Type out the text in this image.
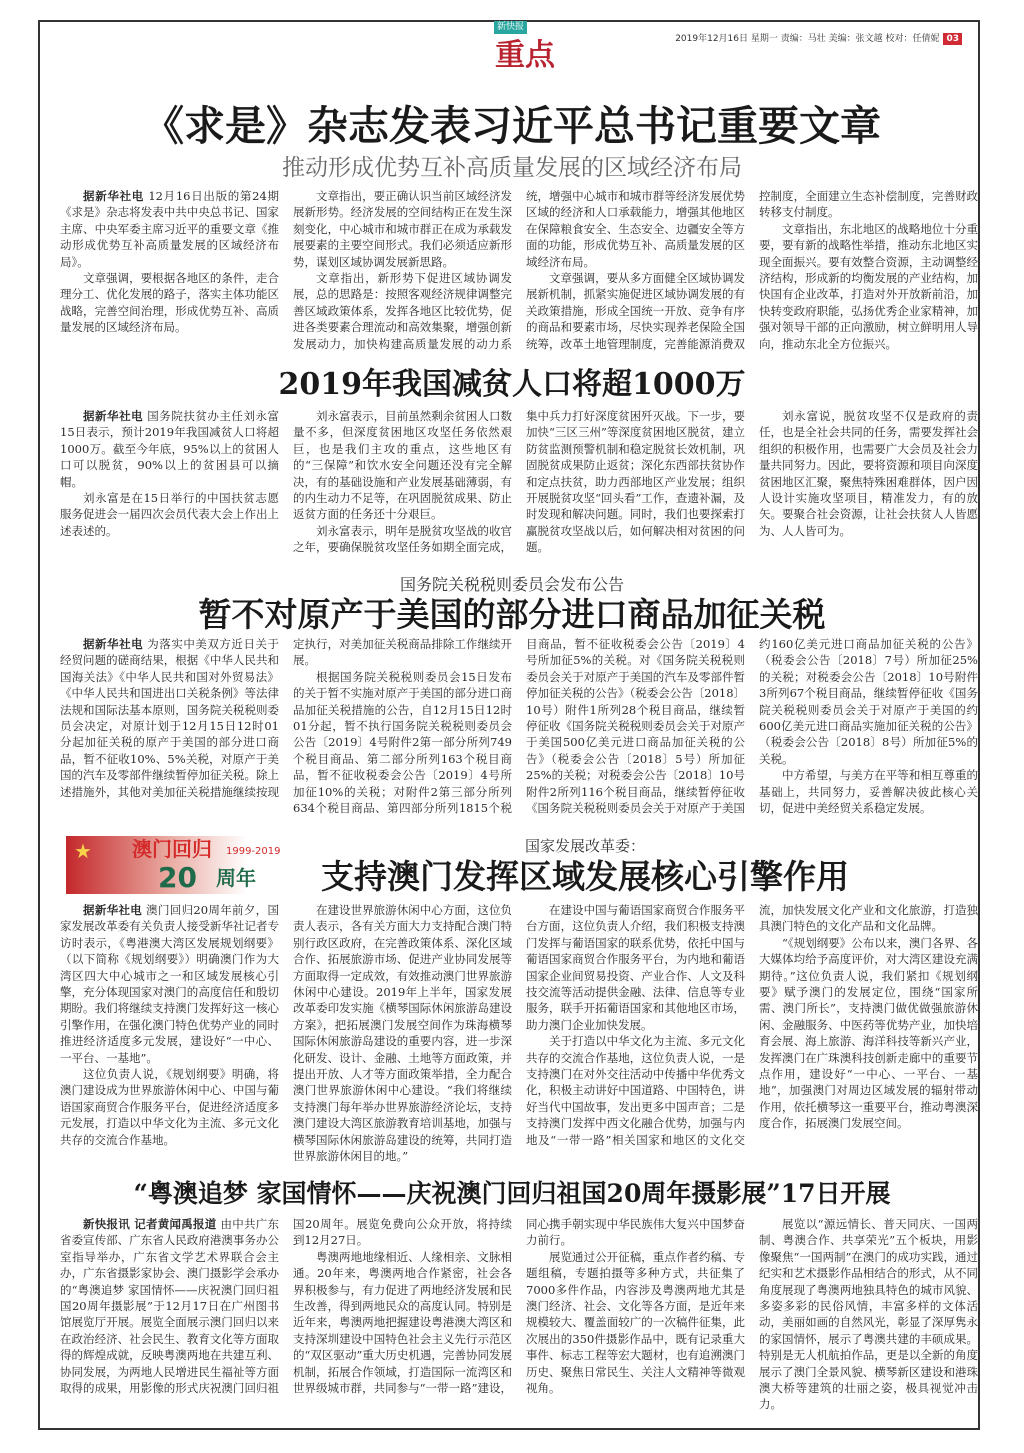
新快报
重点	2019年12月16日 星期一 责编：马壮 美编：张文越 校对：任倩妮 03
《求是》杂志发表习近平总书记重要文章
推动形成优势互补高质量发展的区域经济布局

据新华社电 12月16日出版的第24期《求是》杂志将发表中共中央总书记、国家主席、中央军委主席习近平的重要文章《推动形成优势互补高质量发展的区域经济布局》。

文章强调，要根据各地区的条件，走合理分工、优化发展的路子，落实主体功能区战略，完善空间治理，形成优势互补、高质量发展的区域经济布局。

文章指出，要正确认识当前区域经济发展新形势。经济发展的空间结构正在发生深刻变化，中心城市和城市群正在成为承载发展要素的主要空间形式。我们必须适应新形势，谋划区域协调发展新思路。

文章指出，新形势下促进区域协调发展，总的思路是：按照客观经济规律调整完善区域政策体系，发挥各地区比较优势，促进各类要素合理流动和高效集聚，增强创新发展动力，加快构建高质量发展的动力系统，增强中心城市和城市群等经济发展优势区域的经济和人口承载能力，增强其他地区在保障粮食安全、生态安全、边疆安全等方面的功能，形成优势互补、高质量发展的区域经济布局。

文章强调，要从多方面健全区域协调发展新机制，抓紧实施促进区域协调发展的有关政策措施，形成全国统一开放、竞争有序的商品和要素市场，尽快实现养老保险全国统筹，改革土地管理制度，完善能源消费双控制度，全面建立生态补偿制度，完善财政转移支付制度。

文章指出，东北地区的战略地位十分重要，要有新的战略性举措，推动东北地区实现全面振兴。要有效整合资源，主动调整经济结构，形成新的均衡发展的产业结构，加快国有企业改革，打造对外开放新前沿，加快转变政府职能，弘扬优秀企业家精神，加强对领导干部的正向激励，树立鲜明用人导向，推动东北全方位振兴。

2019年我国减贫人口将超1000万

据新华社电 国务院扶贫办主任刘永富15日表示，预计2019年我国减贫人口将超1000万。截至今年底，95%以上的贫困人口可以脱贫，90%以上的贫困县可以摘帽。

刘永富是在15日举行的中国扶贫志愿服务促进会一届四次会员代表大会上作出上述表述的。

刘永富表示，目前虽然剩余贫困人口数量不多，但深度贫困地区攻坚任务依然艰巨，也是我们主攻的重点，这些地区有的“三保障”和饮水安全问题还没有完全解决，有的基础设施和产业发展基础薄弱，有的内生动力不足等，在巩固脱贫成果、防止返贫方面的任务还十分艰巨。

刘永富表示，明年是脱贫攻坚战的收官之年，要确保脱贫攻坚任务如期全面完成，集中兵力打好深度贫困歼灭战。下一步，要加快“三区三州”等深度贫困地区脱贫，建立防贫监测预警机制和稳定脱贫长效机制，巩固脱贫成果防止返贫；深化东西部扶贫协作和定点扶贫，助力西部地区产业发展；组织开展脱贫攻坚“回头看”工作，查遗补漏，及时发现和解决问题。同时，我们也要探索打赢脱贫攻坚战以后，如何解决相对贫困的问题。

刘永富说，脱贫攻坚不仅是政府的责任，也是全社会共同的任务，需要发挥社会组织的积极作用，也需要广大会员及社会力量共同努力。因此，要将资源和项目向深度贫困地区汇聚，聚焦特殊困难群体，因户因人设计实施攻坚项目，精准发力，有的放矢。要聚合社会资源，让社会扶贫人人皆愿为、人人皆可为。

国务院关税税则委员会发布公告
暂不对原产于美国的部分进口商品加征关税

据新华社电 为落实中美双方近日关于经贸问题的磋商结果，根据《中华人民共和国海关法》《中华人民共和国对外贸易法》《中华人民共和国进出口关税条例》等法律法规和国际法基本原则，国务院关税税则委员会决定，对原计划于12月15日12时01分起加征关税的原产于美国的部分进口商品，暂不征收10%、5%关税，对原产于美国的汽车及零部件继续暂停加征关税。除上述措施外，其他对美加征关税措施继续按现定执行，对美加征关税商品排除工作继续开展。

根据国务院关税税则委员会15日发布的关于暂不实施对原产于美国的部分进口商品加征关税措施的公告，自12月15日12时01分起，暂不执行国务院关税税则委员会公告〔2019〕4号附件2第一部分所列749个税目商品、第二部分所列163个税目商品，暂不征收税委会公告〔2019〕4号所加征10%的关税；对附件2第三部分所列634个税目商品、第四部分所列1815个税目商品，暂不征收税委会公告〔2019〕4号所加征5%的关税。对《国务院关税税则委员会关于对原产于美国的汽车及零部件暂停加征关税的公告》（税委会公告〔2018〕10号）附件1所列28个税目商品，继续暂停征收《国务院关税税则委员会关于对原产于美国500亿美元进口商品加征关税的公告》（税委会公告〔2018〕5号）所加征25%的关税；对税委会公告〔2018〕10号附件2所列116个税目商品，继续暂停征收《国务院关税税则委员会关于对原产于美国约160亿美元进口商品加征关税的公告》（税委会公告〔2018〕7号）所加征25%的关税；对税委会公告〔2018〕10号附件3所列67个税目商品，继续暂停征收《国务院关税税则委员会关于对原产于美国的约600亿美元进口商品实施加征关税的公告》（税委会公告〔2018〕8号）所加征5%的关税。

中方希望，与美方在平等和相互尊重的基础上，共同努力，妥善解决彼此核心关切，促进中美经贸关系稳定发展。

★ 澳门回归 1999-2019
20 周年
国家发展改革委：
支持澳门发挥区域发展核心引擎作用

据新华社电 澳门回归20周年前夕，国家发展改革委有关负责人接受新华社记者专访时表示，《粤港澳大湾区发展规划纲要》（以下简称《规划纲要》）明确澳门作为大湾区四大中心城市之一和区域发展核心引擎，充分体现国家对澳门的高度信任和殷切期盼。我们将继续支持澳门发挥好这一核心引擎作用，在强化澳门特色优势产业的同时推进经济适度多元发展，建设好“一中心、一平台、一基地”。

这位负责人说，《规划纲要》明确，将澳门建设成为世界旅游休闲中心、中国与葡语国家商贸合作服务平台，促进经济适度多元发展，打造以中华文化为主流、多元文化共存的交流合作基地。

在建设世界旅游休闲中心方面，这位负责人表示，各有关方面大力支持配合澳门特别行政区政府，在完善政策体系、深化区域合作、拓展旅游市场、促进产业协同发展等方面取得一定成效，有效推动澳门世界旅游休闲中心建设。2019年上半年，国家发展改革委印发实施《横琴国际休闲旅游岛建设方案》，把拓展澳门发展空间作为珠海横琴国际休闲旅游岛建设的重要内容，进一步深化研发、设计、金融、土地等方面政策，并提出开放、人才等方面政策举措，全力配合澳门世界旅游休闲中心建设。“我们将继续支持澳门每年举办世界旅游经济论坛，支持澳门建设大湾区旅游教育培训基地，加强与横琴国际休闲旅游岛建设的统筹，共同打造世界旅游休闲目的地。”

在建设中国与葡语国家商贸合作服务平台方面，这位负责人介绍，我们积极支持澳门发挥与葡语国家的联系优势，依托中国与葡语国家商贸合作服务平台，为内地和葡语国家企业间贸易投资、产业合作、人文及科技交流等活动提供金融、法律、信息等专业服务，联手开拓葡语国家和其他地区市场，助力澳门企业加快发展。

关于打造以中华文化为主流、多元文化共存的交流合作基地，这位负责人说，一是支持澳门在对外交往活动中传播中华优秀文化，积极主动讲好中国道路、中国特色，讲好当代中国故事，发出更多中国声音；二是支持澳门发挥中西文化融合优势，加强与内地及“一带一路”相关国家和地区的文化交流，加快发展文化产业和文化旅游，打造独具澳门特色的文化产品和文化品牌。

“《规划纲要》公布以来，澳门各界、各大媒体均给予高度评价，对大湾区建设充满期待。”这位负责人说，我们紧扣《规划纲要》赋予澳门的发展定位，围绕“国家所需、澳门所长”，支持澳门做优做强旅游休闲、金融服务、中医药等优势产业，加快培育会展、海上旅游、海洋科技等新兴产业，发挥澳门在广珠澳科技创新走廊中的重要节点作用，建设好“一中心、一平台、一基地”，加强澳门对周边区域发展的辐射带动作用，依托横琴这一重要平台，推动粤澳深度合作，拓展澳门发展空间。

“粤澳追梦 家国情怀——庆祝澳门回归祖国20周年摄影展”17日开展

新快报讯 记者黄闻禹报道 由中共广东省委宣传部、广东省人民政府港澳事务办公室指导举办，广东省文学艺术界联合会主办，广东省摄影家协会、澳门摄影学会承办的“粤澳追梦 家国情怀——庆祝澳门回归祖国20周年摄影展”于12月17日在广州图书馆展览厅开展。展览全面展示澳门回归以来在政治经济、社会民生、教育文化等方面取得的辉煌成就，反映粤澳两地在共建互利、协同发展，为两地人民增进民生福祉等方面取得的成果，用影像的形式庆祝澳门回归祖国20周年。展览免费向公众开放，将持续到12月27日。

粤澳两地地缘相近、人缘相亲、文脉相通。20年来，粤澳两地合作紧密，社会各界积极参与，有力促进了两地经济发展和民生改善，得到两地民众的高度认同。特别是近年来，粤澳两地把握建设粤港澳大湾区和支持深圳建设中国特色社会主义先行示范区的“双区驱动”重大历史机遇，完善协同发展机制，拓展合作领域，打造国际一流湾区和世界级城市群，共同参与“一带一路”建设，同心携手朝实现中华民族伟大复兴中国梦奋力前行。

展览通过公开征稿，重点作者约稿、专题组稿，专题拍摄等多种方式，共征集了7000多件作品，内容涉及粤澳两地尤其是澳门经济、社会、文化等各方面，是近年来规模较大、覆盖面较广的一次稿件征集，此次展出的350件摄影作品中，既有记录重大事件、标志工程等宏大题材，也有追溯澳门历史、聚焦日常民生、关注人文精神等微观视角。

展览以“源远情长、普天同庆、一国两制、粤澳合作、共享荣光”五个板块，用影像聚焦“一国两制”在澳门的成功实践，通过纪实和艺术摄影作品相结合的形式，从不同角度展现了粤澳两地独具特色的城市风貌、多姿多彩的民俗风情，丰富多样的文体活动，美丽如画的自然风光，彰显了深厚隽永的家国情怀，展示了粤澳共建的丰硕成果。特别是无人机航拍作品，更是以全新的角度展示了澳门全景风貌、横琴新区建设和港珠澳大桥等建筑的壮丽之姿，极具视觉冲击力。
